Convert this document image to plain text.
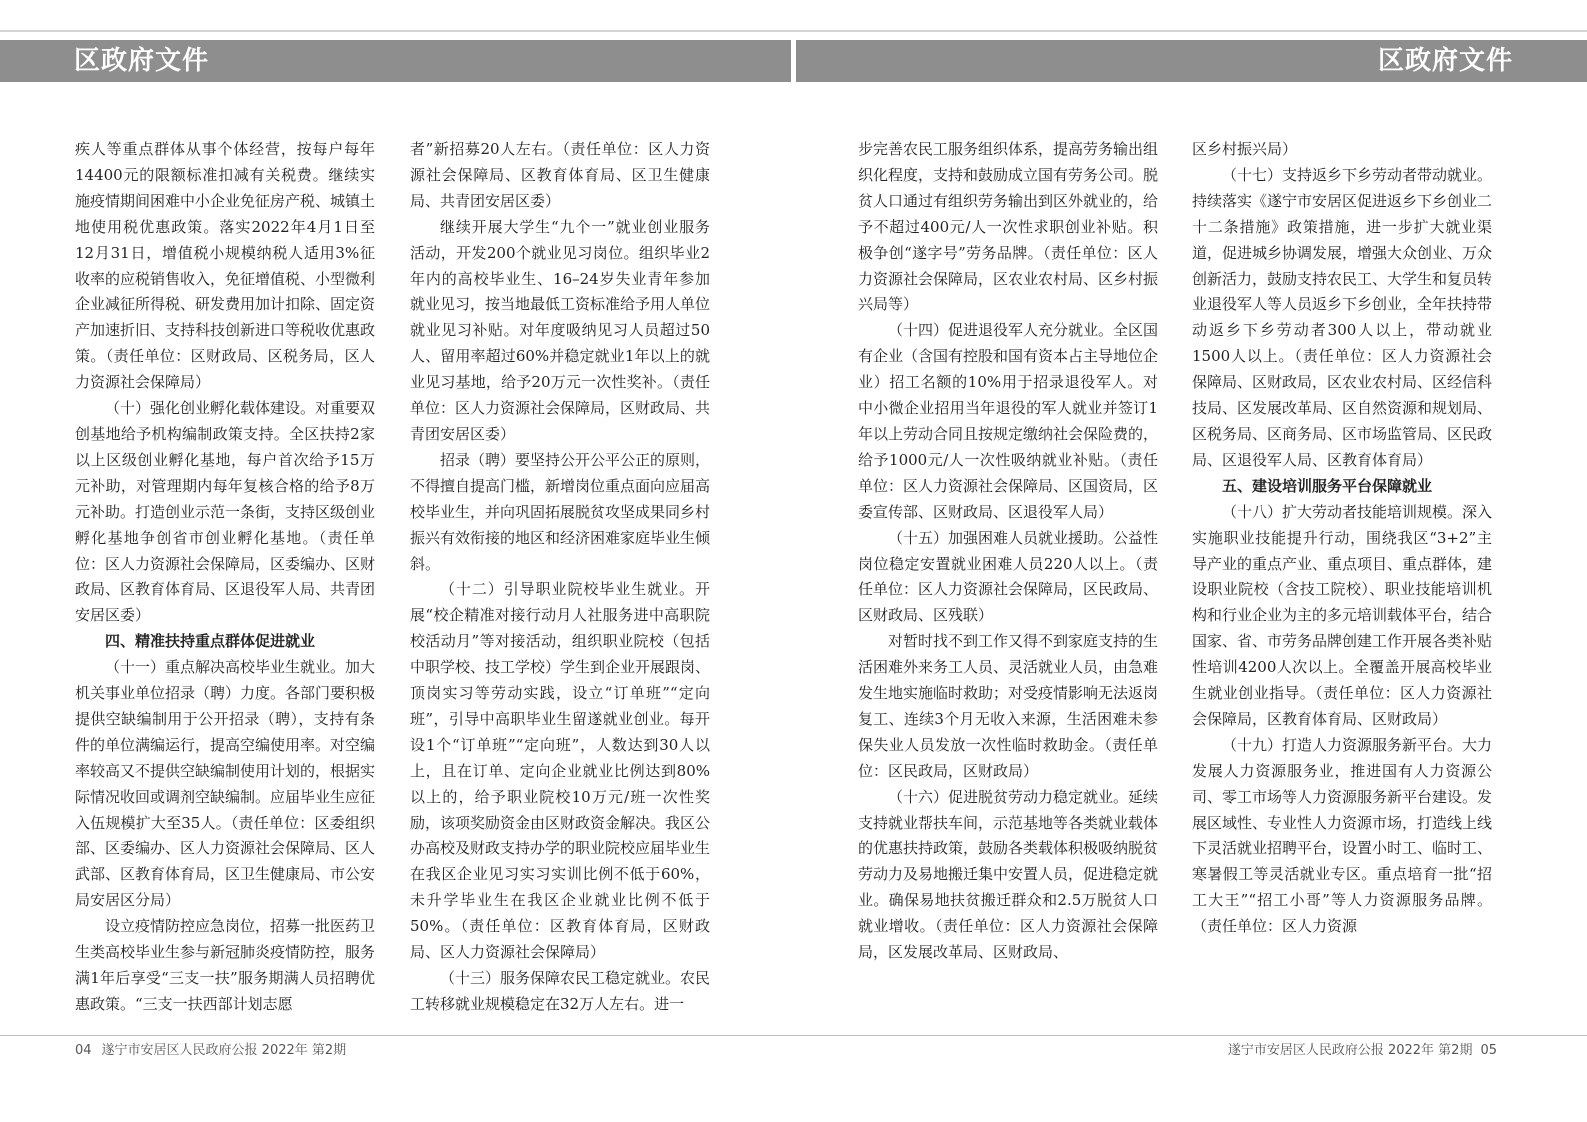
区政府文件	区政府文件

疾人等重点群体从事个体经营，按每户每年14400元的限额标准扣减有关税费。继续实施疫情期间困难中小企业免征房产税、城镇土地使用税优惠政策。落实2022年4月1日至12月31日，增值税小规模纳税人适用3%征收率的应税销售收入，免征增值税、小型微利企业减征所得税、研发费用加计扣除、固定资产加速折旧、支持科技创新进口等税收优惠政策。（责任单位：区财政局、区税务局，区人力资源社会保障局）

（十）强化创业孵化载体建设。对重要双创基地给予机构编制政策支持。全区扶持2家以上区级创业孵化基地，每户首次给予15万元补助，对管理期内每年复核合格的给予8万元补助。打造创业示范一条街，支持区级创业孵化基地争创省市创业孵化基地。（责任单位：区人力资源社会保障局，区委编办、区财政局、区教育体育局、区退役军人局、共青团安居区委）

四、精准扶持重点群体促进就业

（十一）重点解决高校毕业生就业。加大机关事业单位招录（聘）力度。各部门要积极提供空缺编制用于公开招录（聘），支持有条件的单位满编运行，提高空编使用率。对空编率较高又不提供空缺编制使用计划的，根据实际情况收回或调剂空缺编制。应届毕业生应征入伍规模扩大至35人。（责任单位：区委组织部、区委编办、区人力资源社会保障局、区人武部、区教育体育局，区卫生健康局、市公安局安居区分局）

设立疫情防控应急岗位，招募一批医药卫生类高校毕业生参与新冠肺炎疫情防控，服务满1年后享受“三支一扶”服务期满人员招聘优惠政策。“三支一扶西部计划志愿

者”新招募20人左右。（责任单位：区人力资源社会保障局、区教育体育局、区卫生健康局、共青团安居区委）

继续开展大学生“九个一”就业创业服务活动，开发200个就业见习岗位。组织毕业2年内的高校毕业生、16–24岁失业青年参加就业见习，按当地最低工资标准给予用人单位就业见习补贴。对年度吸纳见习人员超过50人、留用率超过60%并稳定就业1年以上的就业见习基地，给予20万元一次性奖补。（责任单位：区人力资源社会保障局，区财政局、共青团安居区委）

招录（聘）要坚持公开公平公正的原则，不得擅自提高门槛，新增岗位重点面向应届高校毕业生，并向巩固拓展脱贫攻坚成果同乡村振兴有效衔接的地区和经济困难家庭毕业生倾斜。

（十二）引导职业院校毕业生就业。开展“校企精准对接行动月人社服务进中高职院校活动月”等对接活动，组织职业院校（包括中职学校、技工学校）学生到企业开展跟岗、顶岗实习等劳动实践，设立“订单班”“定向班”，引导中高职毕业生留遂就业创业。每开设1个“订单班”“定向班”，人数达到30人以上，且在订单、定向企业就业比例达到80%以上的，给予职业院校10万元/班一次性奖励，该项奖励资金由区财政资金解决。我区公办高校及财政支持办学的职业院校应届毕业生在我区企业见习实习实训比例不低于60%，未升学毕业生在我区企业就业比例不低于50%。（责任单位：区教育体育局，区财政局、区人力资源社会保障局）

（十三）服务保障农民工稳定就业。农民工转移就业规模稳定在32万人左右。进一

步完善农民工服务组织体系，提高劳务输出组织化程度，支持和鼓励成立国有劳务公司。脱贫人口通过有组织劳务输出到区外就业的，给予不超过400元/人一次性求职创业补贴。积极争创“遂字号”劳务品牌。（责任单位：区人力资源社会保障局，区农业农村局、区乡村振兴局等）

（十四）促进退役军人充分就业。全区国有企业（含国有控股和国有资本占主导地位企业）招工名额的10%用于招录退役军人。对中小微企业招用当年退役的军人就业并签订1年以上劳动合同且按规定缴纳社会保险费的，给予1000元/人一次性吸纳就业补贴。（责任单位：区人力资源社会保障局、区国资局，区委宣传部、区财政局、区退役军人局）

（十五）加强困难人员就业援助。公益性岗位稳定安置就业困难人员220人以上。（责任单位：区人力资源社会保障局，区民政局、区财政局、区残联）

对暂时找不到工作又得不到家庭支持的生活困难外来务工人员、灵活就业人员，由急难发生地实施临时救助；对受疫情影响无法返岗复工、连续3个月无收入来源，生活困难未参保失业人员发放一次性临时救助金。（责任单位：区民政局，区财政局）

（十六）促进脱贫劳动力稳定就业。延续支持就业帮扶车间，示范基地等各类就业载体的优惠扶持政策，鼓励各类载体积极吸纳脱贫劳动力及易地搬迁集中安置人员，促进稳定就业。确保易地扶贫搬迁群众和2.5万脱贫人口就业增收。（责任单位：区人力资源社会保障局，区发展改革局、区财政局、

区乡村振兴局）

（十七）支持返乡下乡劳动者带动就业。持续落实《遂宁市安居区促进返乡下乡创业二十二条措施》政策措施，进一步扩大就业渠道，促进城乡协调发展，增强大众创业、万众创新活力，鼓励支持农民工、大学生和复员转业退役军人等人员返乡下乡创业，全年扶持带动返乡下乡劳动者300人以上，带动就业1500人以上。（责任单位：区人力资源社会保障局、区财政局，区农业农村局、区经信科技局、区发展改革局、区自然资源和规划局、区税务局、区商务局、区市场监管局、区民政局、区退役军人局、区教育体育局）

五、建设培训服务平台保障就业

（十八）扩大劳动者技能培训规模。深入实施职业技能提升行动，围绕我区“3+2”主导产业的重点产业、重点项目、重点群体，建设职业院校（含技工院校）、职业技能培训机构和行业企业为主的多元培训载体平台，结合国家、省、市劳务品牌创建工作开展各类补贴性培训4200人次以上。全覆盖开展高校毕业生就业创业指导。（责任单位：区人力资源社会保障局，区教育体育局、区财政局）

（十九）打造人力资源服务新平台。大力发展人力资源服务业，推进国有人力资源公司、零工市场等人力资源服务新平台建设。发展区域性、专业性人力资源市场，打造线上线下灵活就业招聘平台，设置小时工、临时工、寒暑假工等灵活就业专区。重点培育一批“招工大王”“招工小哥”等人力资源服务品牌。（责任单位：区人力资源

04 遂宁市安居区人民政府公报 2022年 第2期	遂宁市安居区人民政府公报 2022年 第2期 05
